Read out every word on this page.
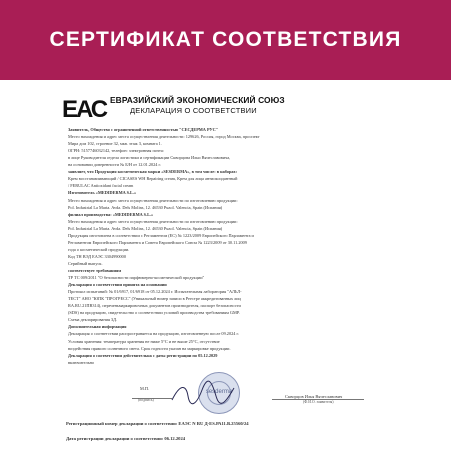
СЕРТИФИКАТ СООТВЕТСТВИЯ
ЕАС ЕВРАЗИЙСКИЙ ЭКОНОМИЧЕСКИЙ СОЮЗ
ДЕКЛАРАЦИЯ О СООТВЕТСТВИИ
Заявитель, Общество с ограниченной ответственностью "СЕСДЕРМА РУС"
Место нахождения и адрес места осуществления деятельности: 129626, Россия, город Москва, проспект
Мира дом 102, строение 32, мкв. этаж 3, комната 1.
ОГРН: 5157746032142, телефон: электронная почта:
в лице Руководителя отдела логистики и сертификации Скворцова Ильи Вячеславовича,
на основании доверенности № Б/Н от 12.01.2024 г.
заявляет, что Продукция косметическая марки «SESDERMA», в том числе: в наборах:
Крем восстанавливающий / CICASES WH Repairing cream, Крем для лица антиоксидантный
/ FERULAC Antioxidant facial cream
Изготовитель «MEDIDERMA S.L.»
Место нахождения и адрес места осуществления деятельности по изготовлению продукции:
Pol. Industrial La Marta. Avda. Dels Molins, 12. 46530 Puzol. Valencia, Spain (Испания)
филиал производства: «MEDIDERMA S.L.»
Место нахождения и адрес места осуществления деятельности по изготовлению продукции:
Pol. Industrial La Marta. Avda. Dels Molins, 12. 46530 Puzol. Valencia, Spain (Испания)
Продукция изготовлена в соответствии с Регламентом (ЕС) № 1223/2009 Европейского Парламента и
Регламентом Европейского Парламента и Совета Европейского Союза № 1223/2009 от 30.11.2009
года о косметической продукции.
Код ТН ВЭД ЕАЭС 3304990000
Серийный выпуск.
соответствует требованиям
ТР ТС 009/2011 "О безопасности парфюмерно-косметической продукции"
Декларация о соответствии принята на основании
Протокол испытаний: № 01/6917, 01/6918 от 05.12.2024 г. Испытательная лаборатория "АЛЬЛ-
ТЕСТ" АНО "ЮПК "ПРОГРЕСС" (Уникальный номер записи в Реестре аккредитованных лиц
RA.RU.21ПВ314), переченьмаркировочных документов производителя, паспорт безопасности
(SDS) на продукцию, свидетельство о соответствии условий производства требованиям GMP.
Схема декларирования 3Д.
Дополнительная информация
Декларация о соответствии распространяется на продукцию, изготовленную после 09.2024 г.
Условия хранения: температура хранения не ниже 5°С и не выше 25°С, отсутствие
воздействия прямого солнечного света. Срок годности указан на маркировке продукции.
Декларация о соответствии действительна с даты регистрации по 05.12.2029
включительно
М.П.
(подпись)
sesderma
Скворцов Илья Вячеславович
(Ф.И.О. заявителя)
Регистрационный номер декларации о соответствии: ЕАЭС N RU Д-ES.РА11.В.25560/24
Дата регистрации декларации о соответствии: 06.12.2024
